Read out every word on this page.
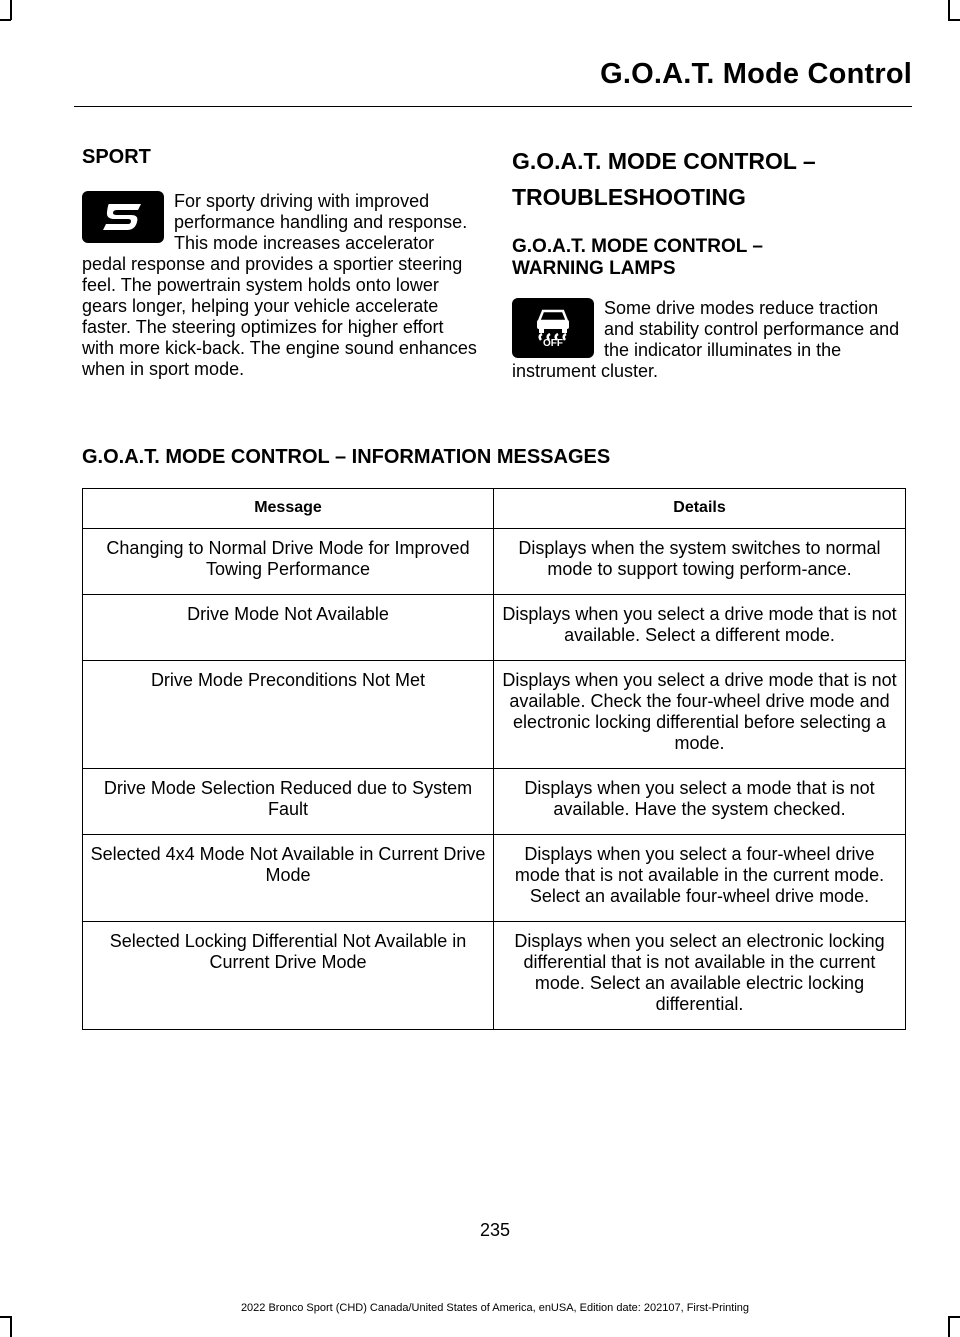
G.O.A.T. Mode Control
SPORT

For sporty driving with improved performance handling and response. This mode increases accelerator pedal response and provides a sportier steering feel. The powertrain system holds onto lower gears longer, helping your vehicle accelerate faster. The steering optimizes for higher effort with more kick-back. The engine sound enhances when in sport mode.

G.O.A.T. MODE CONTROL –
TROUBLESHOOTING
G.O.A.T. MODE CONTROL –
WARNING LAMPS
OFF

Some drive modes reduce traction and stability control performance and the indicator illuminates in the instrument cluster.

G.O.A.T. MODE CONTROL – INFORMATION MESSAGES
Message	Details
Changing to Normal Drive Mode for Improved Towing Performance	Displays when the system switches to normal mode to support towing perform-ance.
Drive Mode Not Available	Displays when you select a drive mode that is not available. Select a different mode.
Drive Mode Preconditions Not Met	Displays when you select a drive mode that is not available. Check the four-wheel drive mode and electronic locking differential before selecting a mode.
Drive Mode Selection Reduced due to System Fault	Displays when you select a mode that is not available. Have the system checked.
Selected 4x4 Mode Not Available in Current Drive Mode	Displays when you select a four-wheel drive mode that is not available in the current mode. Select an available four-wheel drive mode.
Selected Locking Differential Not Available in Current Drive Mode	Displays when you select an electronic locking differential that is not available in the current mode. Select an available electric locking differential.
235
2022 Bronco Sport (CHD) Canada/United States of America, enUSA, Edition date: 202107, First-Printing
